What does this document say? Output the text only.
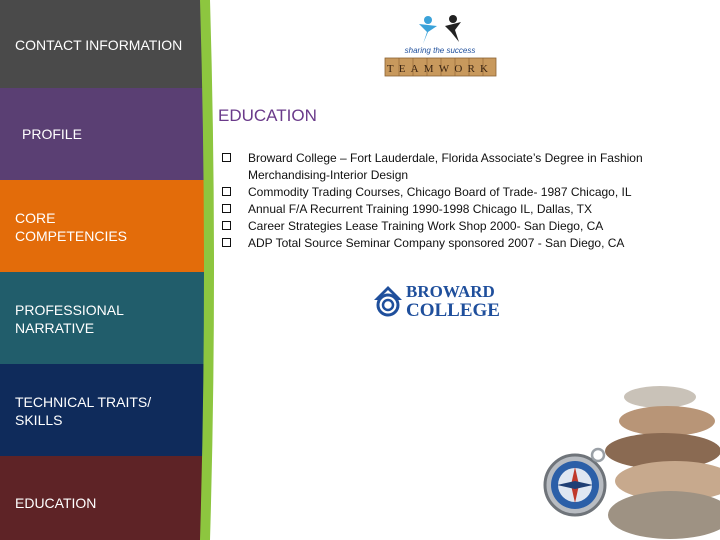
CONTACT INFORMATION
PROFILE
CORE
COMPETENCIES
PROFESSIONAL
NARRATIVE
TECHNICAL TRAITS/
SKILLS
EDUCATION
sharing the success
TEAMWORK
EDUCATION
Broward College – Fort Lauderdale, Florida Associate’s Degree in Fashion Merchandising-Interior Design
Commodity Trading Courses, Chicago Board of Trade- 1987 Chicago, IL
Annual F/A Recurrent Training 1990-1998 Chicago IL, Dallas, TX
Career Strategies Lease Training Work Shop 2000- San Diego, CA
ADP Total Source Seminar Company sponsored 2007 - San Diego, CA
BROWARD
COLLEGE
